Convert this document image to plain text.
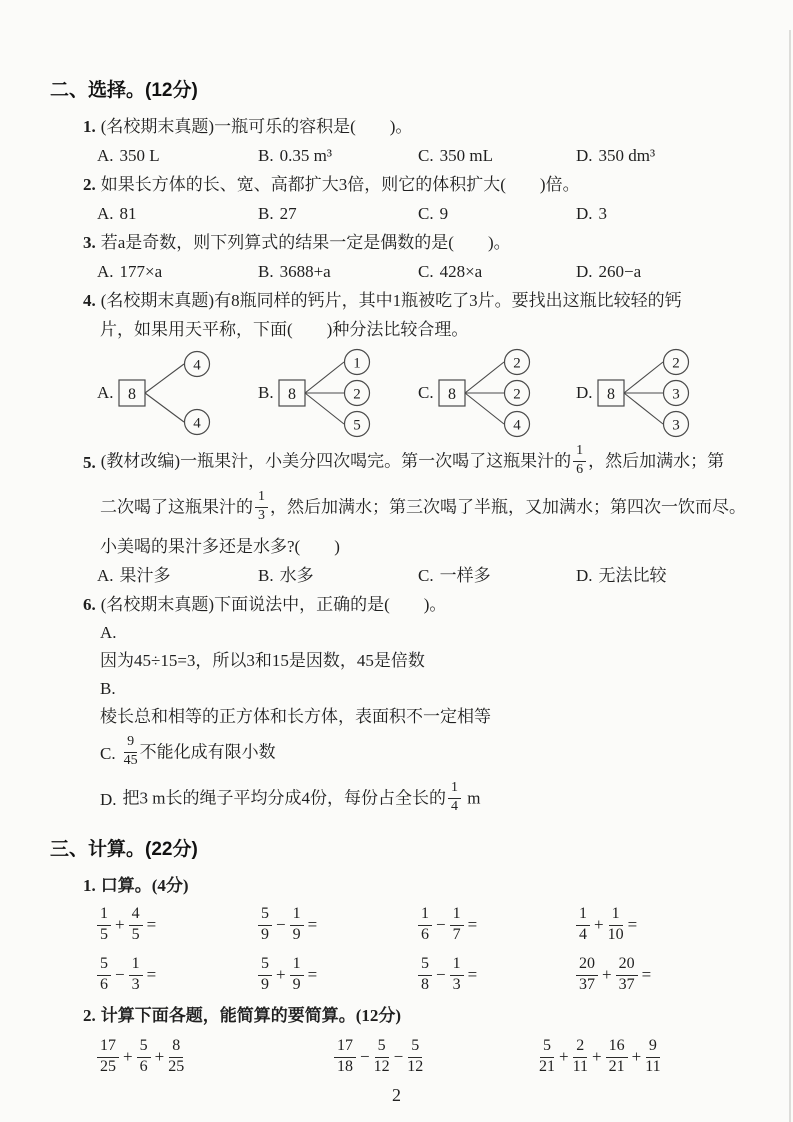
二、选择。(12分)
1. (名校期末真题)一瓶可乐的容积是(　　)。
A. 350 L	B. 0.35 m³	C. 350 mL	D. 350 dm³
2. 如果长方体的长、宽、高都扩大3倍，则它的体积扩大(　　)倍。
A. 81	B. 27	C. 9	D. 3
3. 若a是奇数，则下列算式的结果一定是偶数的是(　　)。
A. 177×a	B. 3688+a	C. 428×a	D. 260−a
4. (名校期末真题)有8瓶同样的钙片，其中1瓶被吃了3片。要找出这瓶比较轻的钙
片，如果用天平称，下面(　　)种分法比较合理。
A. 8
4
4
B. 8
1
2
5
C. 8
2
2
4
D. 8
2
3
3
5. (教材改编)一瓶果汁，小美分四次喝完。第一次喝了这瓶果汁的 $\frac{1}{6}$ ，然后加满水；第
二次喝了这瓶果汁的 $\frac{1}{3}$ ，然后加满水；第三次喝了半瓶，又加满水；第四次一饮而尽。
小美喝的果汁多还是水多?(　　)
A. 果汁多	B. 水多	C. 一样多	D. 无法比较
6. (名校期末真题)下面说法中，正确的是(　　)。
A.
因为45÷15=3，所以3和15是因数，45是倍数
B.
棱长总和相等的正方体和长方体，表面积不一定相等
C. $\frac{9}{45}$ 不能化成有限小数
D. 把3 m长的绳子平均分成4份，每份占全长的 $\frac{1}{4}$ m
三、计算。(22分)
1. 口算。(4分)
$\frac{1}{5} + \frac{4}{5}$ =	$\frac{5}{9} - \frac{1}{9}$ =	$\frac{1}{6} - \frac{1}{7}$ =	$\frac{1}{4} + \frac{1}{10}$ =
$\frac{5}{6} - \frac{1}{3}$ =	$\frac{5}{9} + \frac{1}{9}$ =	$\frac{5}{8} - \frac{1}{3}$ =	$\frac{20}{37} + \frac{20}{37}$ =
2. 计算下面各题，能简算的要简算。(12分)
$\frac{17}{25} + \frac{5}{6} + \frac{8}{25}$	$\frac{17}{18} - \frac{5}{12} - \frac{5}{12}$	$\frac{5}{21} + \frac{2}{11} + \frac{16}{21} + \frac{9}{11}$
2
